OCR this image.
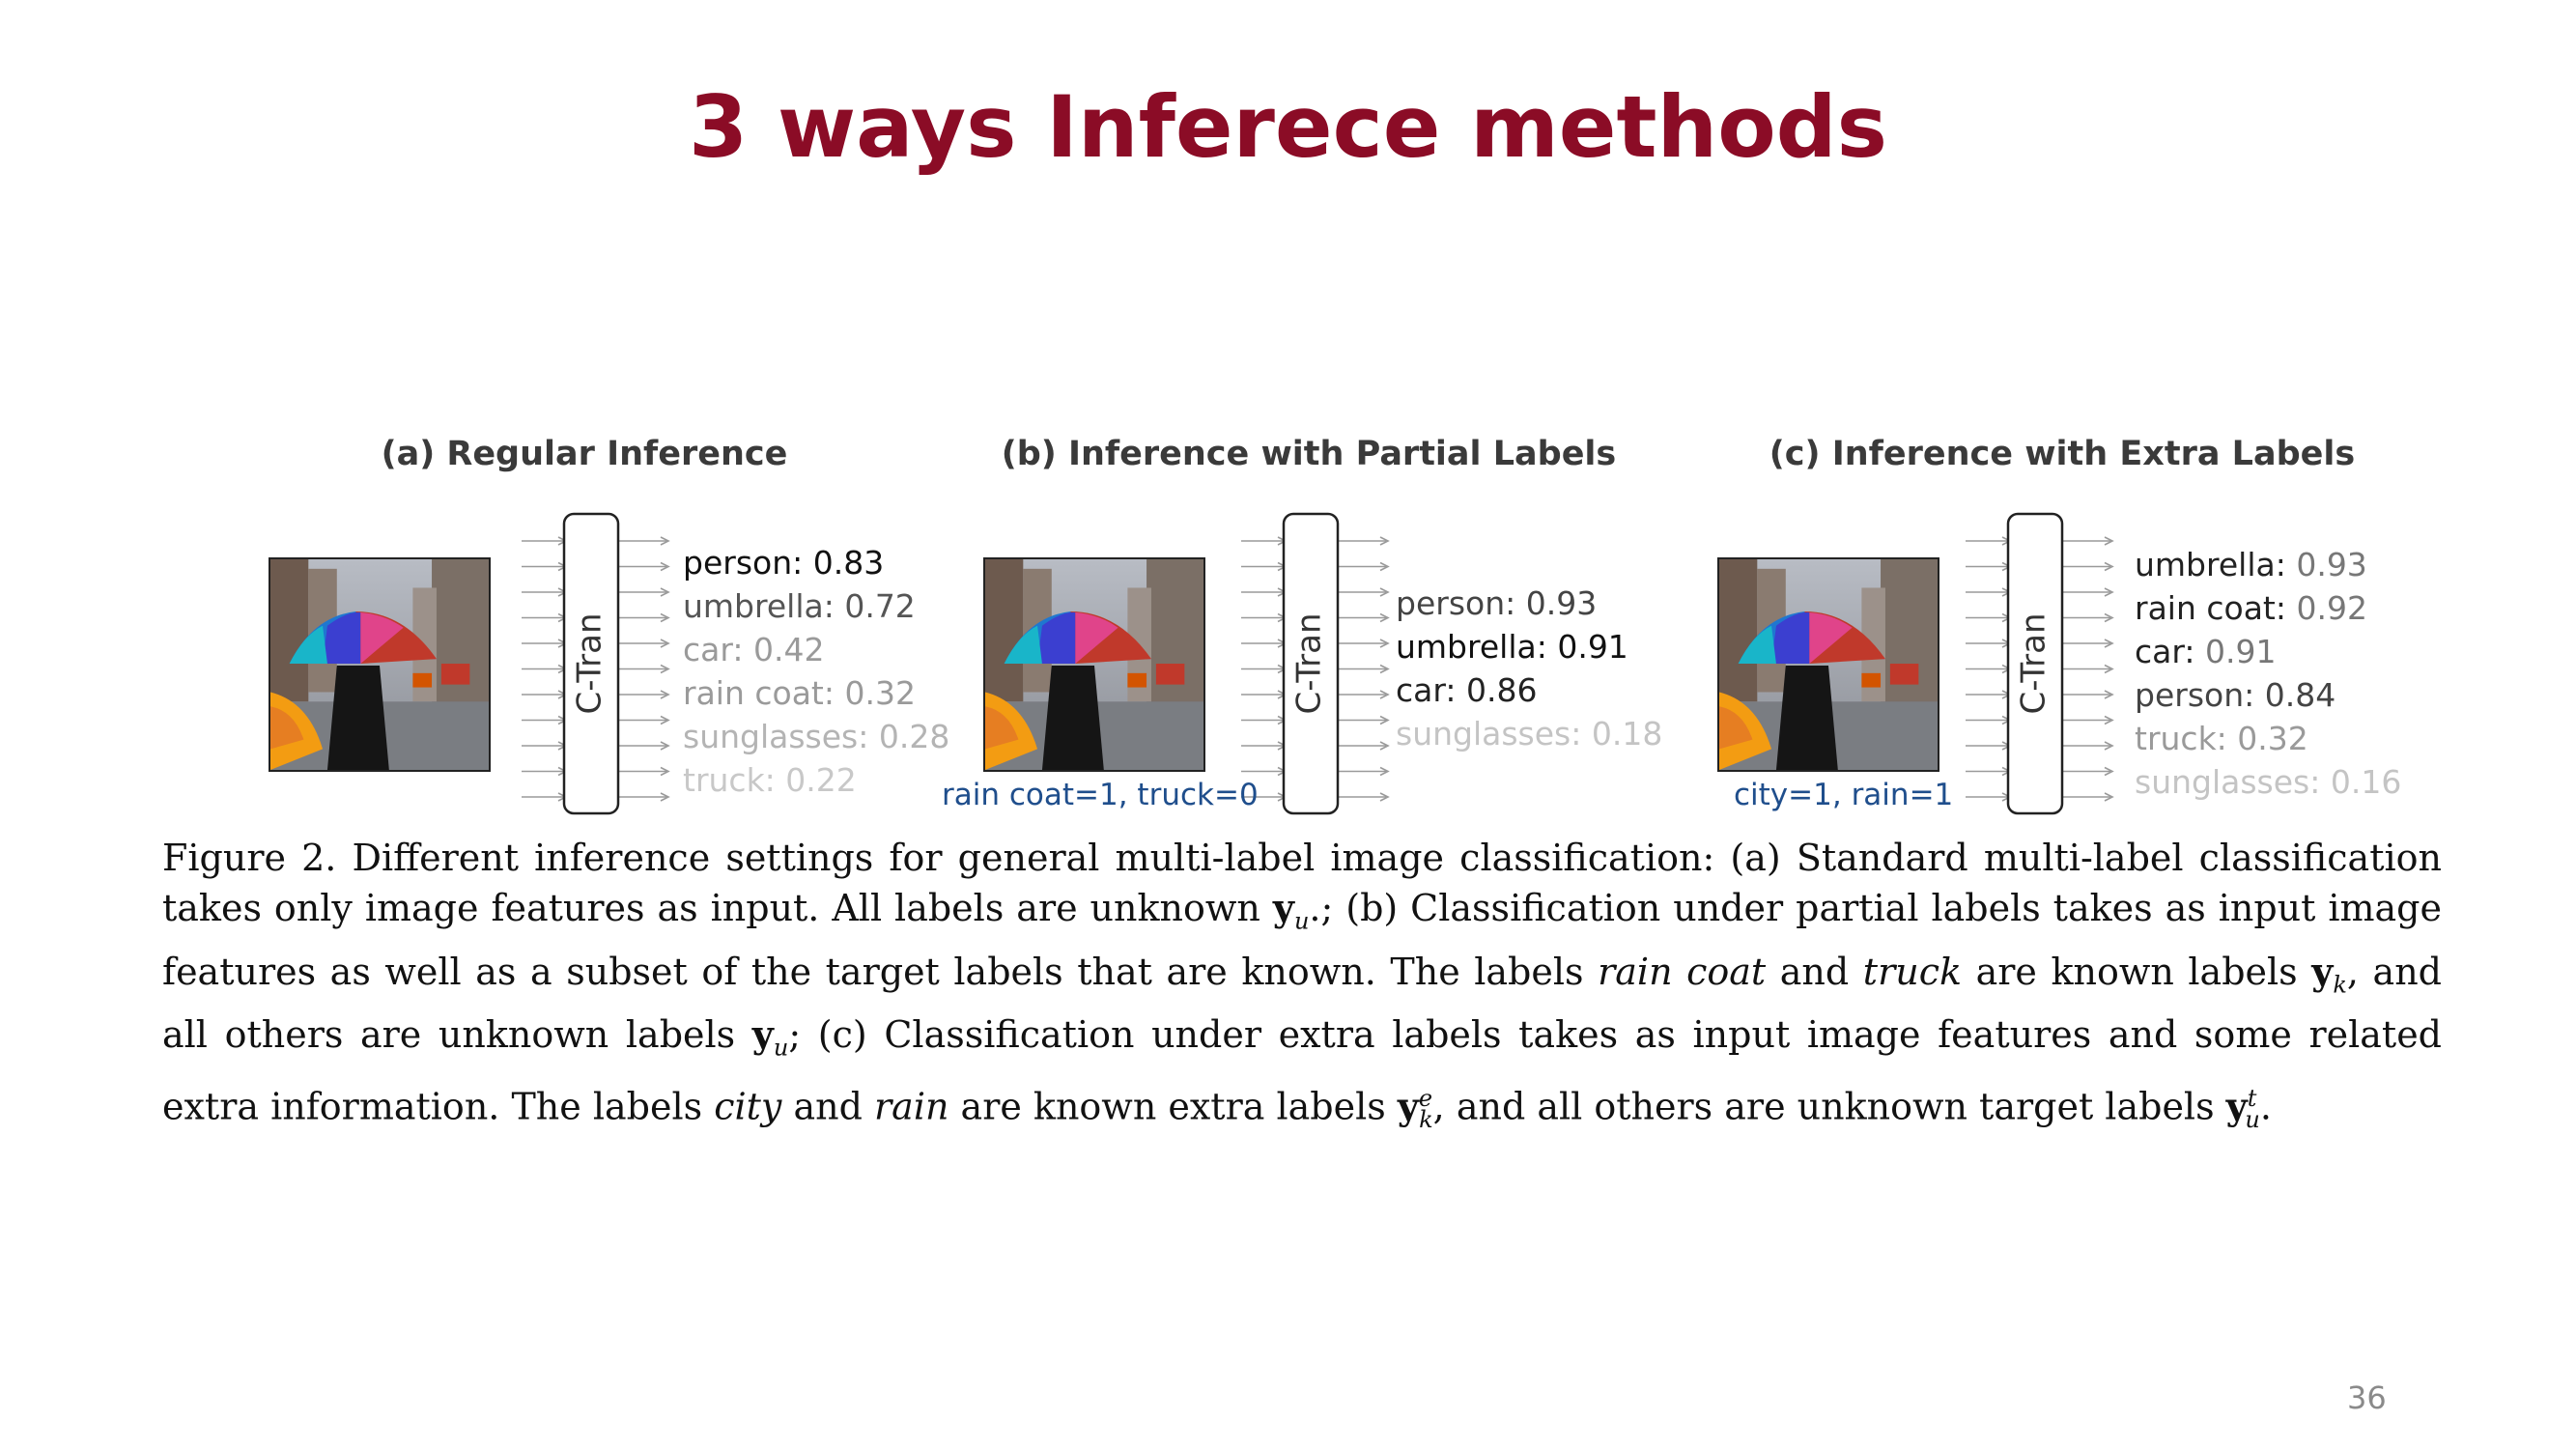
3 ways Inferece methods
(a) Regular Inference
C-Tran
person: 0.83
umbrella: 0.72
car: 0.42
rain coat: 0.32
sunglasses: 0.28
truck: 0.22
(b) Inference with Partial Labels
C-Tran
person: 0.93
umbrella: 0.91
car: 0.86
sunglasses: 0.18
rain coat=1, truck=0
(c) Inference with Extra Labels
C-Tran
umbrella: 0.93
rain coat: 0.92
car: 0.91
person: 0.84
truck: 0.32
sunglasses: 0.16
city=1, rain=1
Figure 2. Different inference settings for general multi-label image classification: (a) Standard multi-label classification takes only image features as input. All labels are unknown $y_u$.; (b) Classification under partial labels takes as input image features as well as a subset of the target labels that are known. The labels rain coat and truck are known labels $y_k$, and all others are unknown labels $y_u$; (c) Classification under extra labels takes as input image features and some related extra information. The labels city and rain are known extra labels $y^e_k$, and all others are unknown target labels $y^t_u$.
36
